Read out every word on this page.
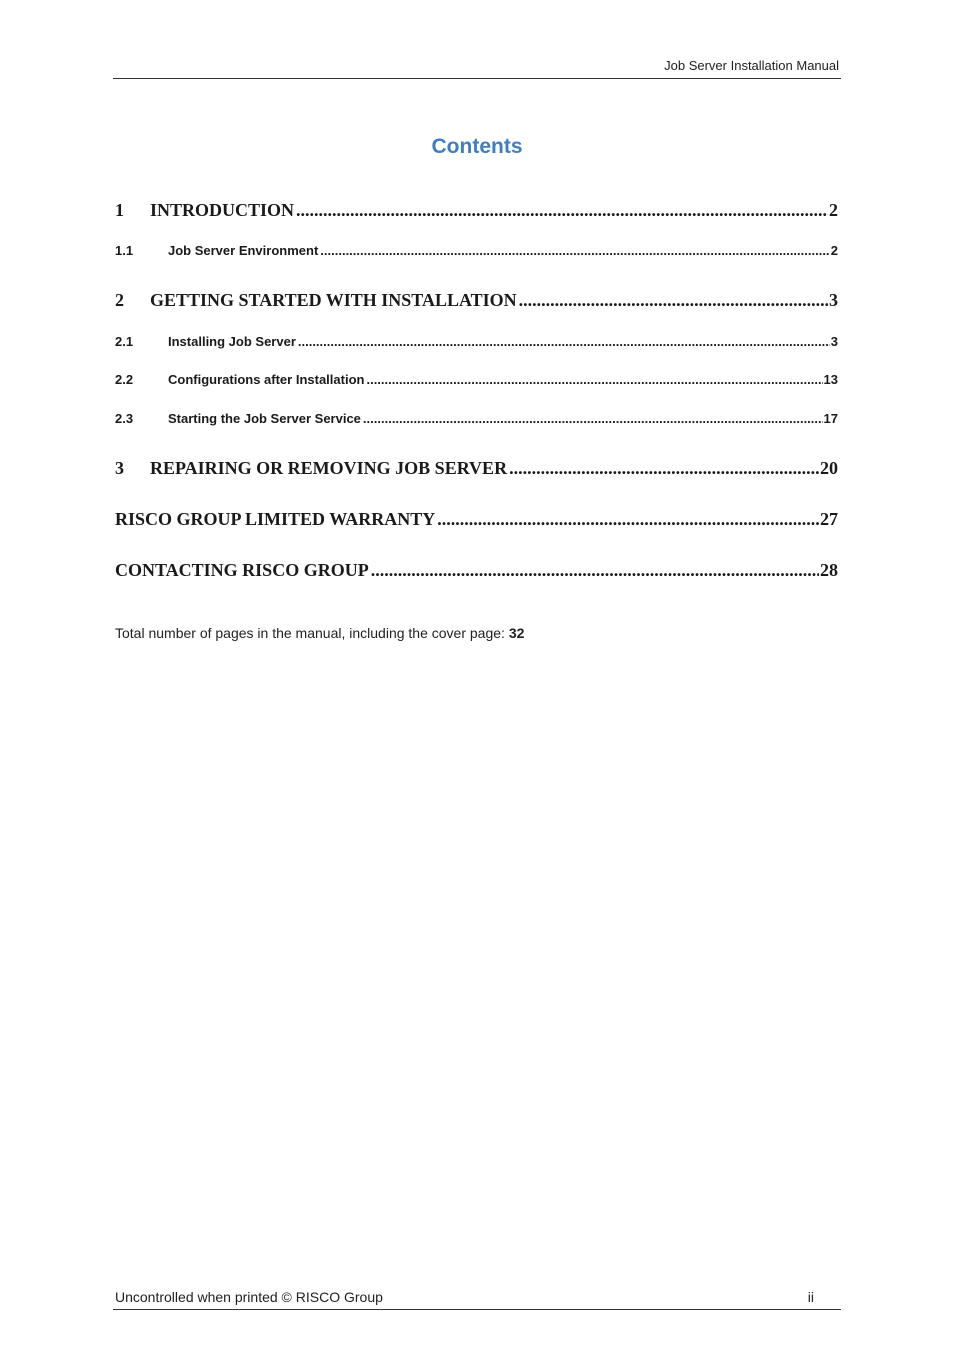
Job Server Installation Manual
Contents
1	INTRODUCTION .....	2
1.1	Job Server Environment .....	2
2	GETTING STARTED WITH INSTALLATION .....	3
2.1	Installing Job Server .....	3
2.2	Configurations after Installation .....	13
2.3	Starting the Job Server Service .....	17
3	REPAIRING OR REMOVING JOB SERVER .....	20
RISCO GROUP LIMITED WARRANTY .....	27
CONTACTING RISCO GROUP .....	28
Total number of pages in the manual, including the cover page: 32
Uncontrolled when printed © RISCO Group	ii
